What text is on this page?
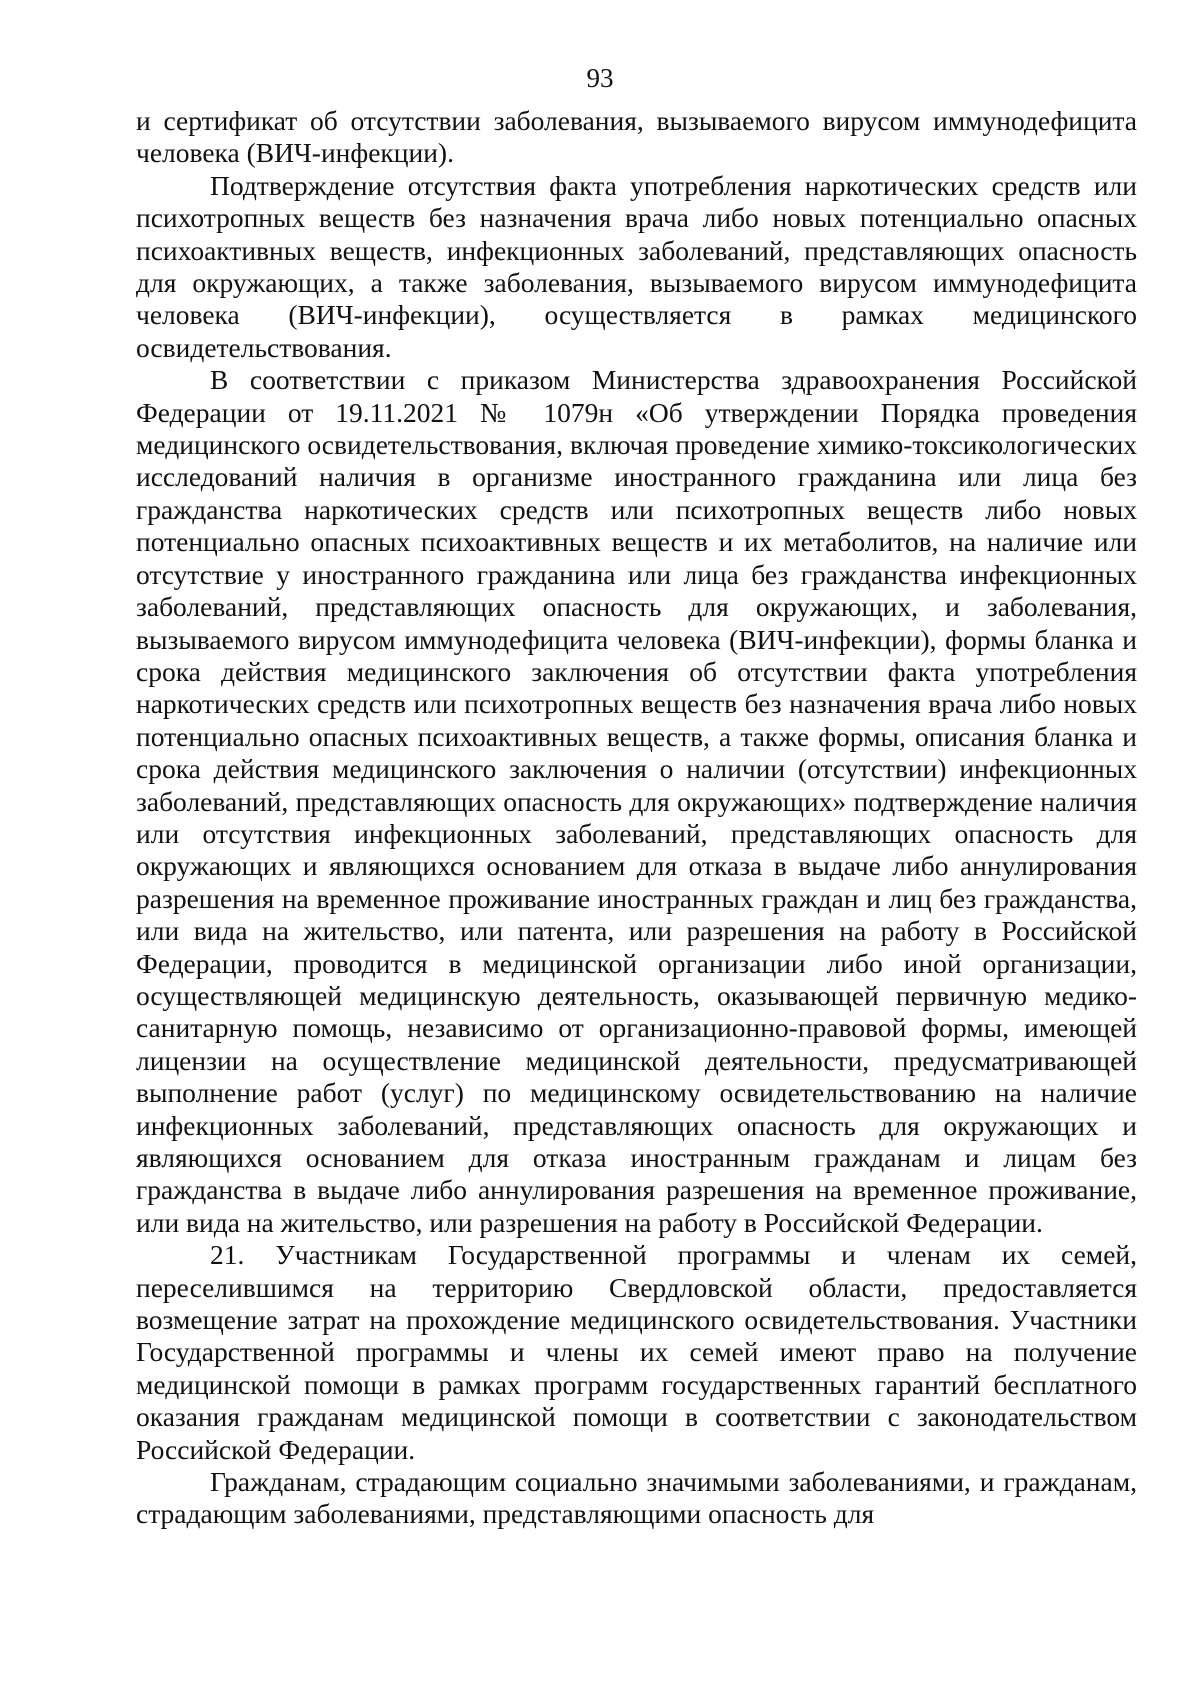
93

и сертификат об отсутствии заболевания, вызываемого вирусом иммунодефицита человека (ВИЧ-инфекции).

Подтверждение отсутствия факта употребления наркотических средств или психотропных веществ без назначения врача либо новых потенциально опасных психоактивных веществ, инфекционных заболеваний, представляющих опасность для окружающих, а также заболевания, вызываемого вирусом иммунодефицита человека (ВИЧ-инфекции), осуществляется в рамках медицинского освидетельствования.

В соответствии с приказом Министерства здравоохранения Российской Федерации от 19.11.2021 № 1079н «Об утверждении Порядка проведения медицинского освидетельствования, включая проведение химико-токсикологических исследований наличия в организме иностранного гражданина или лица без гражданства наркотических средств или психотропных веществ либо новых потенциально опасных психоактивных веществ и их метаболитов, на наличие или отсутствие у иностранного гражданина или лица без гражданства инфекционных заболеваний, представляющих опасность для окружающих, и заболевания, вызываемого вирусом иммунодефицита человека (ВИЧ-инфекции), формы бланка и срока действия медицинского заключения об отсутствии факта употребления наркотических средств или психотропных веществ без назначения врача либо новых потенциально опасных психоактивных веществ, а также формы, описания бланка и срока действия медицинского заключения о наличии (отсутствии) инфекционных заболеваний, представляющих опасность для окружающих» подтверждение наличия или отсутствия инфекционных заболеваний, представляющих опасность для окружающих и являющихся основанием для отказа в выдаче либо аннулирования разрешения на временное проживание иностранных граждан и лиц без гражданства, или вида на жительство, или патента, или разрешения на работу в Российской Федерации, проводится в медицинской организации либо иной организации, осуществляющей медицинскую деятельность, оказывающей первичную медико-санитарную помощь, независимо от организационно-правовой формы, имеющей лицензии на осуществление медицинской деятельности, предусматривающей выполнение работ (услуг) по медицинскому освидетельствованию на наличие инфекционных заболеваний, представляющих опасность для окружающих и являющихся основанием для отказа иностранным гражданам и лицам без гражданства в выдаче либо аннулирования разрешения на временное проживание, или вида на жительство, или разрешения на работу в Российской Федерации.

21. Участникам Государственной программы и членам их семей, переселившимся на территорию Свердловской области, предоставляется возмещение затрат на прохождение медицинского освидетельствования. Участники Государственной программы и члены их семей имеют право на получение медицинской помощи в рамках программ государственных гарантий бесплатного оказания гражданам медицинской помощи в соответствии с законодательством Российской Федерации.

Гражданам, страдающим социально значимыми заболеваниями, и гражданам, страдающим заболеваниями, представляющими опасность для
